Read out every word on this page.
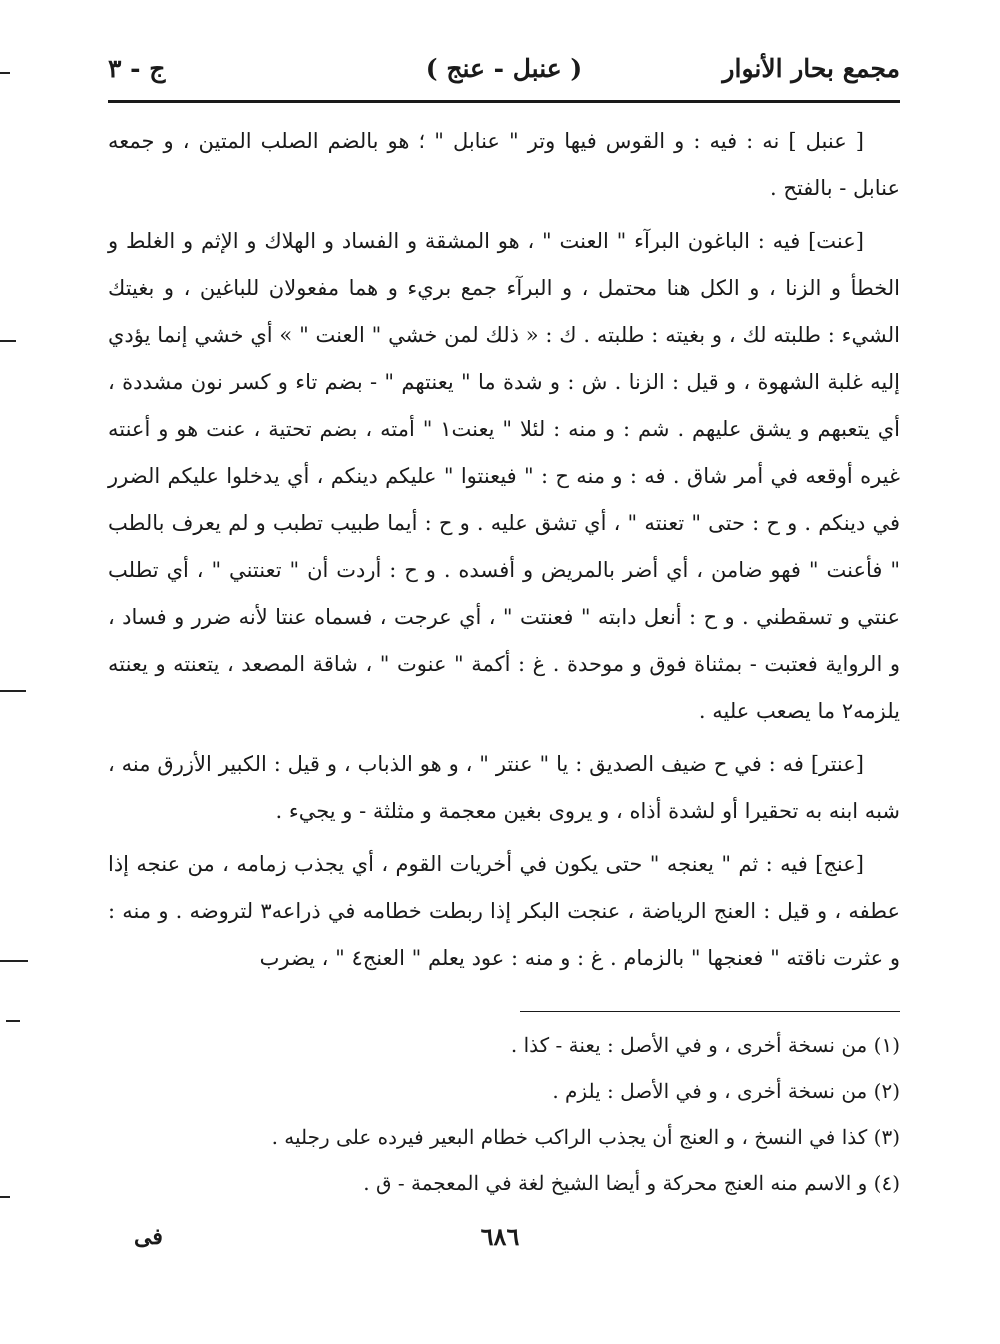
مجمع بحار الأنوار
( عنبل - عنج )
ج - ٣

[ عنبل ] نه : فيه : و القوس فيها وتر " عنابل " ؛ هو بالضم الصلب المتين ، و جمعه عنابل - بالفتح .

[عنت] فيه : الباغون البرآء " العنت " ، هو المشقة و الفساد و الهلاك و الإثم و الغلط و الخطأ و الزنا ، و الكل هنا محتمل ، و البرآء جمع بريء و هما مفعولان للباغين ، و بغيتك الشيء : طلبته لك ، و بغيته : طلبته . ك : « ذلك لمن خشي " العنت " » أي خشي إنما يؤدي إليه غلبة الشهوة ، و قيل : الزنا . ش : و شدة ما " يعنتهم " - بضم تاء و كسر نون مشددة ، أي يتعبهم و يشق عليهم . شم : و منه : لئلا " يعنت١ " أمته ، بضم تحتية ، عنت هو و أعنته غيره أوقعه في أمر شاق . فه : و منه ح : " فيعنتوا " عليكم دينكم ، أي يدخلوا عليكم الضرر في دينكم . و ح : حتى " تعنته " ، أي تشق عليه . و ح : أيما طبيب تطبب و لم يعرف بالطب " فأعنت " فهو ضامن ، أي أضر بالمريض و أفسده . و ح : أردت أن " تعنتني " ، أي تطلب عنتي و تسقطني . و ح : أنعل دابته " فعنتت " ، أي عرجت ، فسماه عنتا لأنه ضرر و فساد ، و الرواية فعتبت - بمثناة فوق و موحدة . غ : أكمة " عنوت " ، شاقة المصعد ، يتعنته و يعنته يلزمه٢ ما يصعب عليه .

[عنتر] فه : في ح ضيف الصديق : يا " عنتر " ، و هو الذباب ، و قيل : الكبير الأزرق منه ، شبه ابنه به تحقيرا أو لشدة أذاه ، و يروى بغين معجمة و مثلثة - و يجيء .

[عنج] فيه : ثم " يعنجه " حتى يكون في أخريات القوم ، أي يجذب زمامه ، من عنجه إذا عطفه ، و قيل : العنج الرياضة ، عنجت البكر إذا ربطت خطامه في ذراعه٣ لتروضه . و منه : و عثرت ناقته " فعنجها " بالزمام . غ : و منه : عود يعلم " العنج٤ " ، يضرب

(١) من نسخة أخرى ، و في الأصل : يعنة - كذا .

(٢) من نسخة أخرى ، و في الأصل : يلزم .

(٣) كذا في النسخ ، و العنج أن يجذب الراكب خطام البعير فيرده على رجليه .

(٤) و الاسم منه العنج محركة و أيضا الشيخ لغة في المعجمة - ق .

٦٨٦
فى
